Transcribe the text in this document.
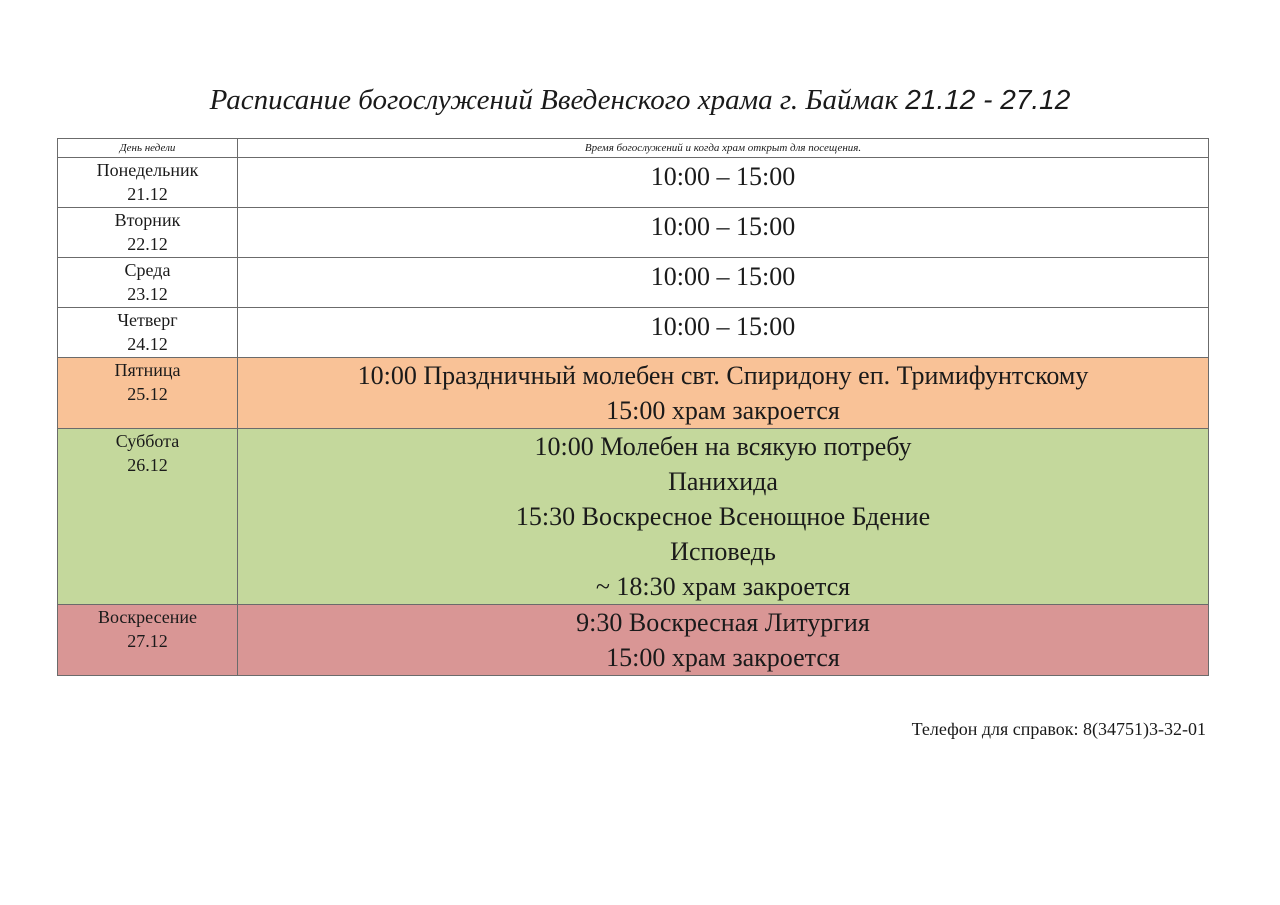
Расписание богослужений Введенского храма г. Баймак 21.12 - 27.12
День недели	Время богослужений и когда храм открыт для посещения.

Понедельник
21.12	10:00 – 15:00

Вторник
22.12	10:00 – 15:00

Среда
23.12	10:00 – 15:00

Четверг
24.12	10:00 – 15:00

Пятница
25.12	10:00 Праздничный молебен свт. Спиридону еп. Тримифунтскому
15:00 храм закроется

Суббота
26.12	10:00 Молебен на всякую потребу
Панихида
15:30 Воскресное Всенощное Бдение
Исповедь
~ 18:30 храм закроется

Воскресение
27.12	9:30 Воскресная Литургия
15:00 храм закроется
Телефон для справок: 8(34751)3-32-01
